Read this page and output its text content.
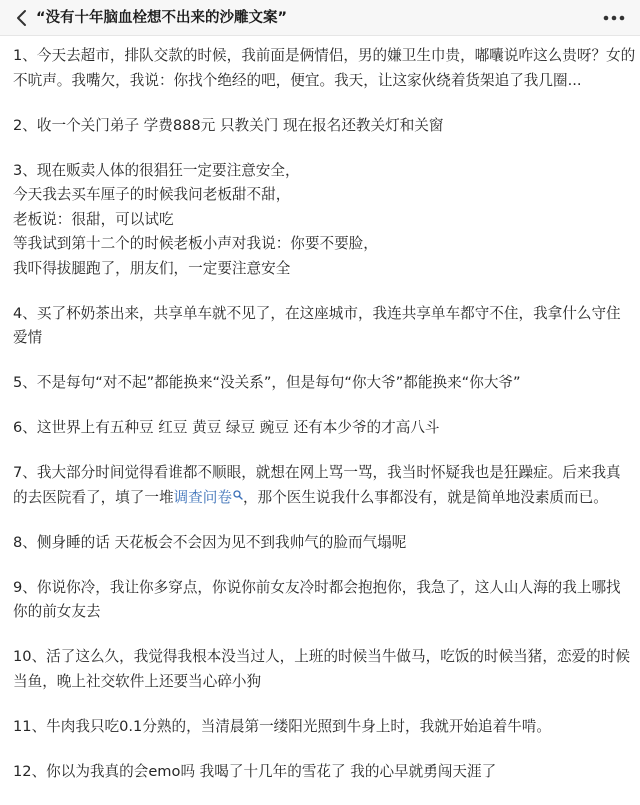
“没有十年脑血栓想不出来的沙雕文案”
1、今天去超市，排队交款的时候，我前面是俩情侣，男的嫌卫生巾贵，嘟囔说咋这么贵呀？女的
不吭声。我嘴欠，我说：你找个绝经的吧，便宜。我天，让这家伙绕着货架追了我几圈...
2、收一个关门弟子 学费888元 只教关门 现在报名还教关灯和关窗
3、现在贩卖人体的很猖狂一定要注意安全，
今天我去买车厘子的时候我问老板甜不甜，
老板说：很甜，可以试吃
等我试到第十二个的时候老板小声对我说：你要不要脸，
我吓得拔腿跑了，朋友们，一定要注意安全
4、买了杯奶茶出来，共享单车就不见了，在这座城市，我连共享单车都守不住，我拿什么守住
爱情
5、不是每句“对不起”都能换来“没关系”，但是每句“你大爷”都能换来“你大爷”
6、这世界上有五种豆 红豆 黄豆 绿豆 豌豆 还有本少爷的才高八斗
7、我大部分时间觉得看谁都不顺眼，就想在网上骂一骂，我当时怀疑我也是狂躁症。后来我真
的去医院看了，填了一堆调查问卷 ，那个医生说我什么事都没有，就是简单地没素质而已。
8、侧身睡的话 天花板会不会因为见不到我帅气的脸而气塌呢
9、你说你冷，我让你多穿点，你说你前女友冷时都会抱抱你，我急了，这人山人海的我上哪找
你的前女友去
10、活了这么久，我觉得我根本没当过人，上班的时候当牛做马，吃饭的时候当猪，恋爱的时候
当鱼，晚上社交软件上还要当心碎小狗
11、牛肉我只吃0.1分熟的，当清晨第一缕阳光照到牛身上时，我就开始追着牛啃。
12、你以为我真的会emo吗 我喝了十几年的雪花了 我的心早就勇闯天涯了
